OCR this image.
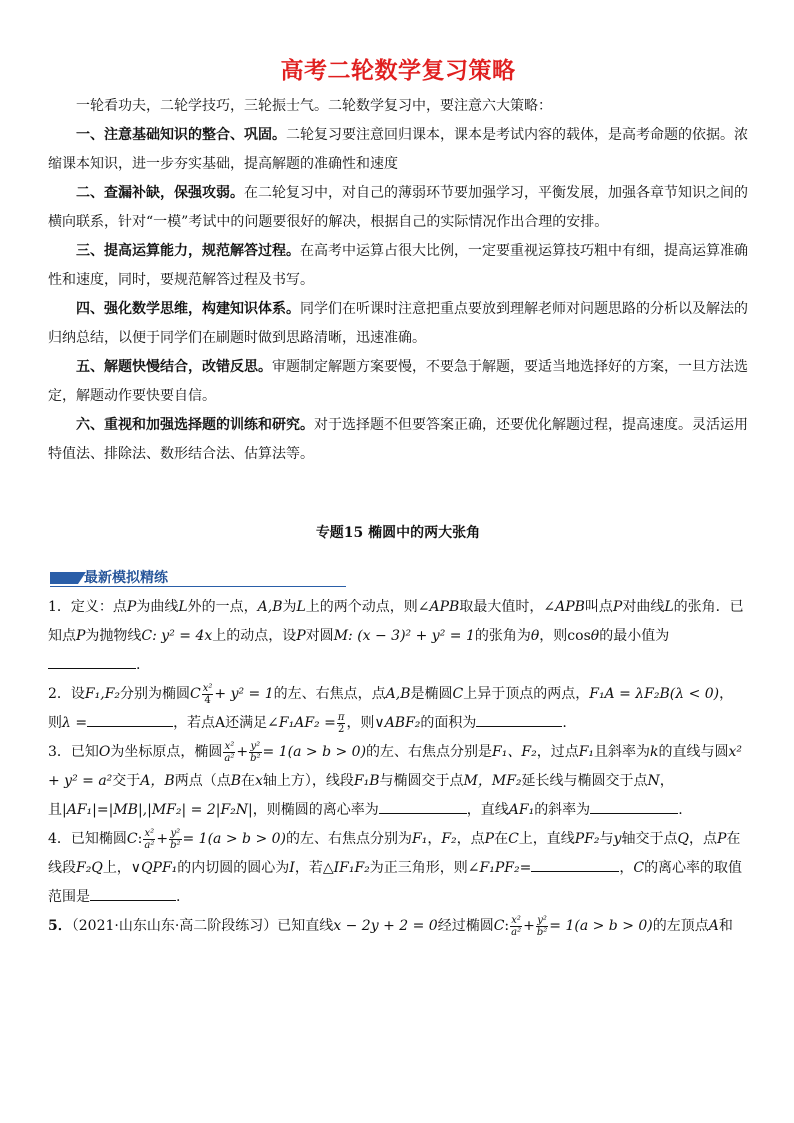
高考二轮数学复习策略

一轮看功夫，二轮学技巧，三轮振士气。二轮数学复习中，要注意六大策略：

一、注意基础知识的整合、巩固。二轮复习要注意回归课本，课本是考试内容的载体，是高考命题的依据。浓缩课本知识，进一步夯实基础，提高解题的准确性和速度

二、查漏补缺，保强攻弱。在二轮复习中，对自己的薄弱环节要加强学习，平衡发展，加强各章节知识之间的横向联系，针对“一模”考试中的问题要很好的解决，根据自己的实际情况作出合理的安排。

三、提高运算能力，规范解答过程。在高考中运算占很大比例，一定要重视运算技巧粗中有细，提高运算准确性和速度，同时，要规范解答过程及书写。

四、强化数学思维，构建知识体系。同学们在听课时注意把重点要放到理解老师对问题思路的分析以及解法的归纳总结，以便于同学们在刷题时做到思路清晰，迅速准确。

五、解题快慢结合，改错反思。审题制定解题方案要慢，不要急于解题，要适当地选择好的方案，一旦方法选定，解题动作要快要自信。

六、重视和加强选择题的训练和研究。对于选择题不但要答案正确，还要优化解题过程，提高速度。灵活运用特值法、排除法、数形结合法、估算法等。

专题15 椭圆中的两大张角
最新模拟精练

1．定义：点P为曲线L外的一点，A,B为L上的两个动点，则∠APB取最大值时，∠APB叫点P对曲线L的张角．已知点P为抛物线C: y² = 4x上的动点，设P对圆M: (x − 3)² + y² = 1的张角为θ，则cosθ的最小值为.

2．设F₁,F₂分别为椭圆C $\frac{\text{x²}}{4} + y^2 = 1$的左、右焦点，点A,B是椭圆C上异于顶点的两点，F₁A = λF₂B(λ < 0)，
则λ =	，若点A还满足∠F₁AF₂ = $\frac{\pi}{2}$ ，则∨ABF₂的面积为	.

3．已知O为坐标原点，椭圆 $\frac{\text{x²}}{\text{a²}} + \frac{\text{y²}}{\text{b²}} = 1(a > b > 0)$的左、右焦点分别是F₁、F₂，过点F₁且斜率为k的直线与圆x² + y² = a²交于A，B两点（点B在x轴上方），线段F₁B与椭圆交于点M，MF₂延长线与椭圆交于点N，且|AF₁|=|MB|,|MF₂| = 2|F₂N|，则椭圆的离心率为	，直线AF₁的斜率为	.

4．已知椭圆C: $\frac{\text{x²}}{\text{a²}} + \frac{\text{y²}}{\text{b²}} = 1(a > b > 0)$的左、右焦点分别为F₁，F₂，点P在C上，直线PF₂与y轴交于点Q，点P在线段F₂Q上，∨QPF₁的内切圆的圆心为I，若△IF₁F₂为正三角形，则∠F₁PF₂=	，C的离心率的取值范围是	.

5．（2021·山东山东·高二阶段练习）已知直线x − 2y + 2 = 0经过椭圆C: $\frac{\text{x²}}{\text{a²}} + \frac{\text{y²}}{\text{b²}} = 1(a > b > 0)$的左顶点A和
